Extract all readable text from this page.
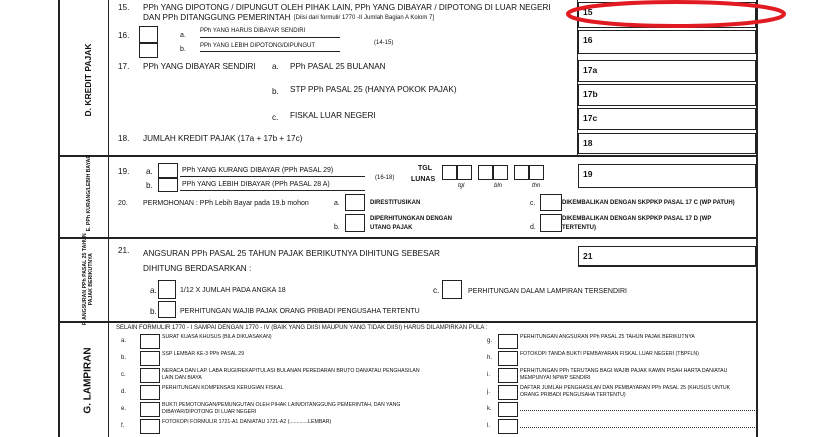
D. KREDIT PAJAK
E. PPh KURANG/LEBIH BAYAR
F. ANGSURAN PPh PASAL 25 TAHUN PAJAK BERIKUTNYA
G. LAMPIRAN
15. PPh YANG DIPOTONG / DIPUNGUT OLEH PIHAK LAIN, PPh YANG DIBAYAR / DIPOTONG DI LUAR NEGERI
DAN PPh DITANGGUNG PEMERINTAH [Diisi dari formulir 1770 -II Jumlah Bagian A Kolom 7]
15
16.	a.
PPh YANG HARUS DIBAYAR SENDIRI
b. PPh YANG LEBIH DIPOTONG/DIPUNGUT	(14-15)	16
17. PPh YANG DIBAYAR SENDIRI a. PPh PASAL 25 BULANAN
b. STP PPh PASAL 25 (HANYA POKOK PAJAK)
c. FISKAL LUAR NEGERI
17a
17b
17c
18. JUMLAH KREDIT PAJAK (17a + 17b + 17c)	18
19. a.
b.
PPh YANG KURANG DIBAYAR (PPh PASAL 29)
PPh YANG LEBIH DIBAYAR (PPh PASAL 28 A)
(16-18)
TGL
LUNAS
tgl	bln	thn
19
20. PERMOHONAN : PPh Lebih Bayar pada 19.b mohon	a.	DIRESTITUSIKAN
b.
DIPERHITUNGKAN DENGAN
UTANG PAJAK
c.	DIKEMBALIKAN DENGAN SKPPKP PASAL 17 C (WP PATUH)
d.
DIKEMBALIKAN DENGAN SKPPKP PASAL 17 D (WP
TERTENTU)
21. ANGSURAN PPh PASAL 25 TAHUN PAJAK BERIKUTNYA DIHITUNG SEBESAR
DIHITUNG BERDASARKAN :
21
a.	1/12 X JUMLAH PADA ANGKA 18
b.	PERHITUNGAN WAJIB PAJAK ORANG PRIBADI PENGUSAHA TERTENTU
c.	PERHITUNGAN DALAM LAMPIRAN TERSENDIRI
SELAIN FORMULIR 1770 - I SAMPAI DENGAN 1770 - IV (BAIK YANG DIISI MAUPUN YANG TIDAK DIISI) HARUS DILAMPIRKAN PULA :
a.
SURAT KUASA KHUSUS (BILA DIKUASAKAN)
b.
SSP LEMBAR KE-3 PPh PASAL 29
c.
NERACA DAN LAP. LABA RUGI/REKAPITULASI BULANAN PEREDARAN BRUTO DAN/ATAU PENGHASILAN
LAIN DAN BIAYA
d.
PERHITUNGAN KOMPENSASI KERUGIAN FISKAL
e.
BUKTI PEMOTONGAN/PEMUNGUTAN OLEH PIHAK LAIN/DITANGGUNG PEMERINTAH, DAN YANG
DIBAYAR/DIPOTONG DI LUAR NEGERI
f.
FOTOKOPI FORMULIR 1721-A1 DAN/ATAU 1721-A2 (.............LEMBAR)
g.
PERHITUNGAN ANGSURAN PPh PASAL 25 TAHUN PAJAK BERIKUTNYA
h.
FOTOKOPI TANDA BUKTI PEMBAYARAN FISKAL LUAR NEGERI (TBPFLN)
i.
PERHITUNGAN PPh TERUTANG BAGI WAJIB PAJAK KAWIN PISAH HARTA DAN/ATAU
MEMPUNYAI NPWP SENDIRI
j.
DAFTAR JUMLAH PENGHASILAN DAN PEMBAYARAN PPh PASAL 25 (KHUSUS UNTUK
ORANG PRIBADI PENGUSAHA TERTENTU)
k.
l.
